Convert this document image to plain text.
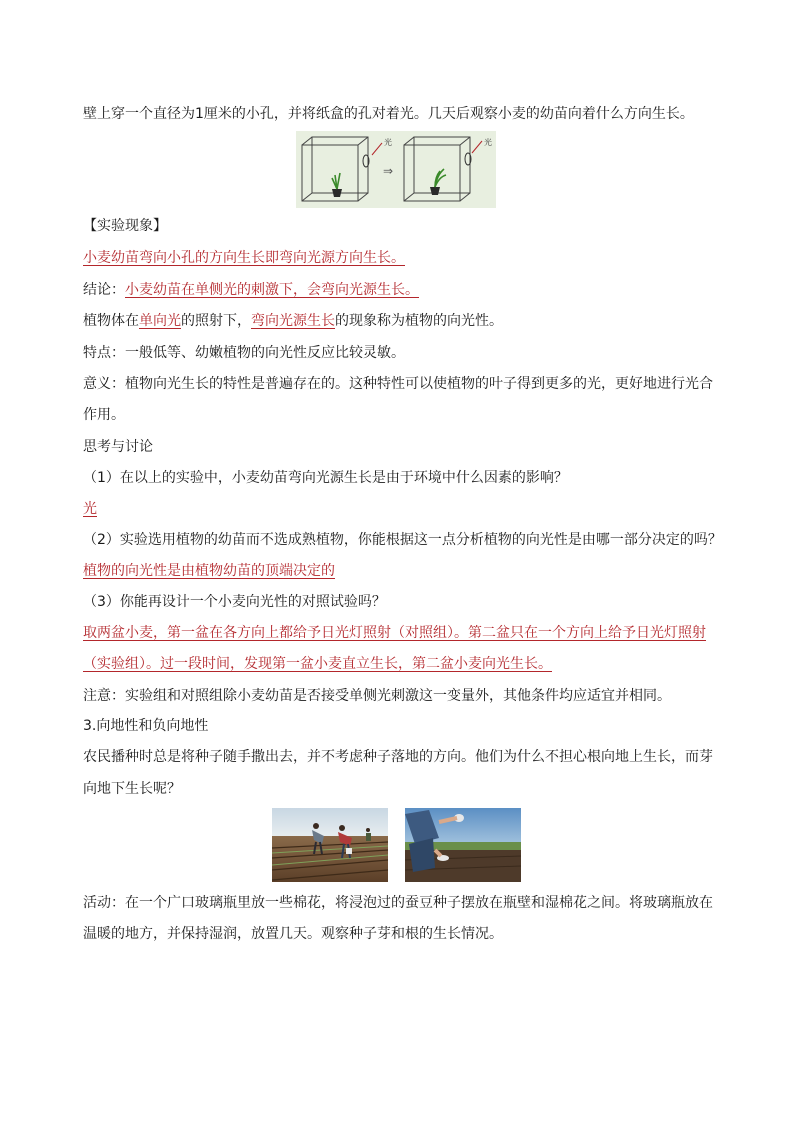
壁上穿一个直径为1厘米的小孔，并将纸盒的孔对着光。几天后观察小麦的幼苗向着什么方向生长。
光
⇒
光
【实验现象】
小麦幼苗弯向小孔的方向生长即弯向光源方向生长。
结论：小麦幼苗在单侧光的刺激下，会弯向光源生长。
植物体在单向光的照射下，弯向光源生长的现象称为植物的向光性。
特点：一般低等、幼嫩植物的向光性反应比较灵敏。
意义：植物向光生长的特性是普遍存在的。这种特性可以使植物的叶子得到更多的光，更好地进行光合
作用。
思考与讨论
（1）在以上的实验中，小麦幼苗弯向光源生长是由于环境中什么因素的影响？
光
（2）实验选用植物的幼苗而不选成熟植物，你能根据这一点分析植物的向光性是由哪一部分决定的吗？
植物的向光性是由植物幼苗的顶端决定的
（3）你能再设计一个小麦向光性的对照试验吗？
取两盆小麦，第一盆在各方向上都给予日光灯照射（对照组）。第二盆只在一个方向上给予日光灯照射
（实验组）。过一段时间，发现第一盆小麦直立生长，第二盆小麦向光生长。
注意：实验组和对照组除小麦幼苗是否接受单侧光刺激这一变量外，其他条件均应适宜并相同。
3.向地性和负向地性
农民播种时总是将种子随手撒出去，并不考虑种子落地的方向。他们为什么不担心根向地上生长，而芽
向地下生长呢？
活动：在一个广口玻璃瓶里放一些棉花，将浸泡过的蚕豆种子摆放在瓶壁和湿棉花之间。将玻璃瓶放在
温暖的地方，并保持湿润，放置几天。观察种子芽和根的生长情况。
